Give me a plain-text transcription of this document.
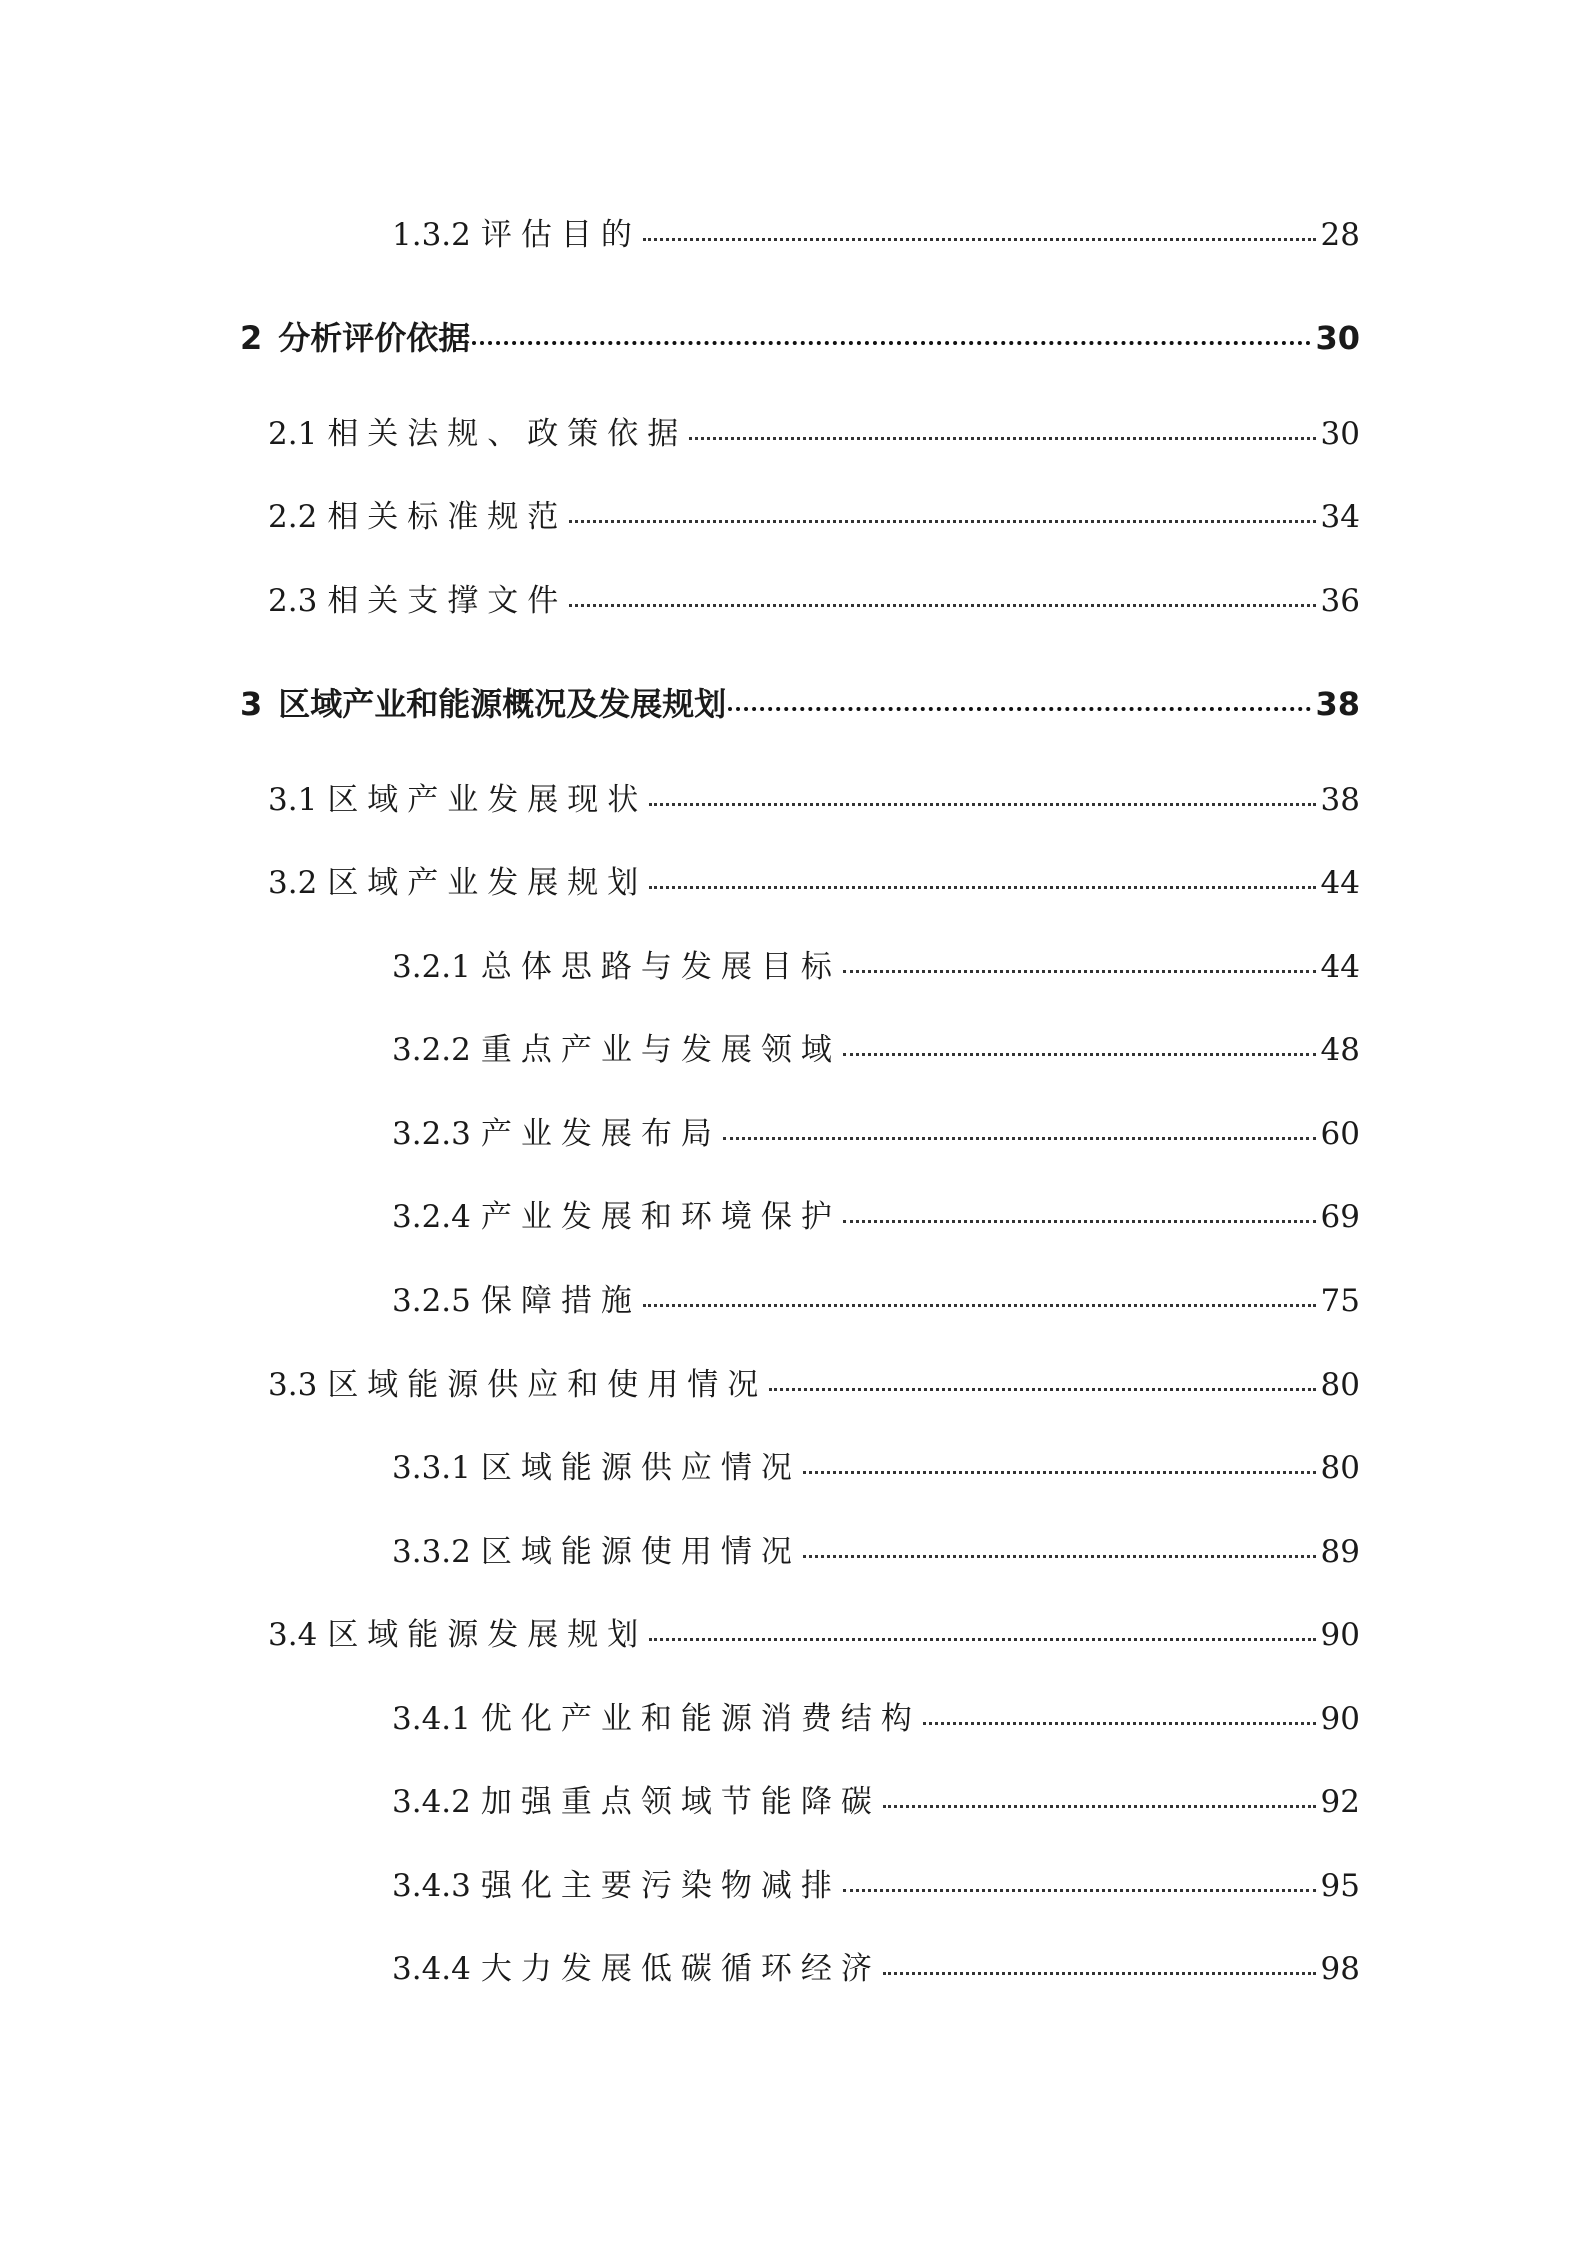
1.3.2 评估目的	28
2 分析评价依据	30
2.1 相关法规、政策依据	30
2.2 相关标准规范	34
2.3 相关支撑文件	36
3 区域产业和能源概况及发展规划	38
3.1 区域产业发展现状	38
3.2 区域产业发展规划	44
3.2.1 总体思路与发展目标	44
3.2.2 重点产业与发展领域	48
3.2.3 产业发展布局	60
3.2.4 产业发展和环境保护	69
3.2.5 保障措施	75
3.3 区域能源供应和使用情况	80
3.3.1 区域能源供应情况	80
3.3.2 区域能源使用情况	89
3.4 区域能源发展规划	90
3.4.1 优化产业和能源消费结构	90
3.4.2 加强重点领域节能降碳	92
3.4.3 强化主要污染物减排	95
3.4.4 大力发展低碳循环经济	98
